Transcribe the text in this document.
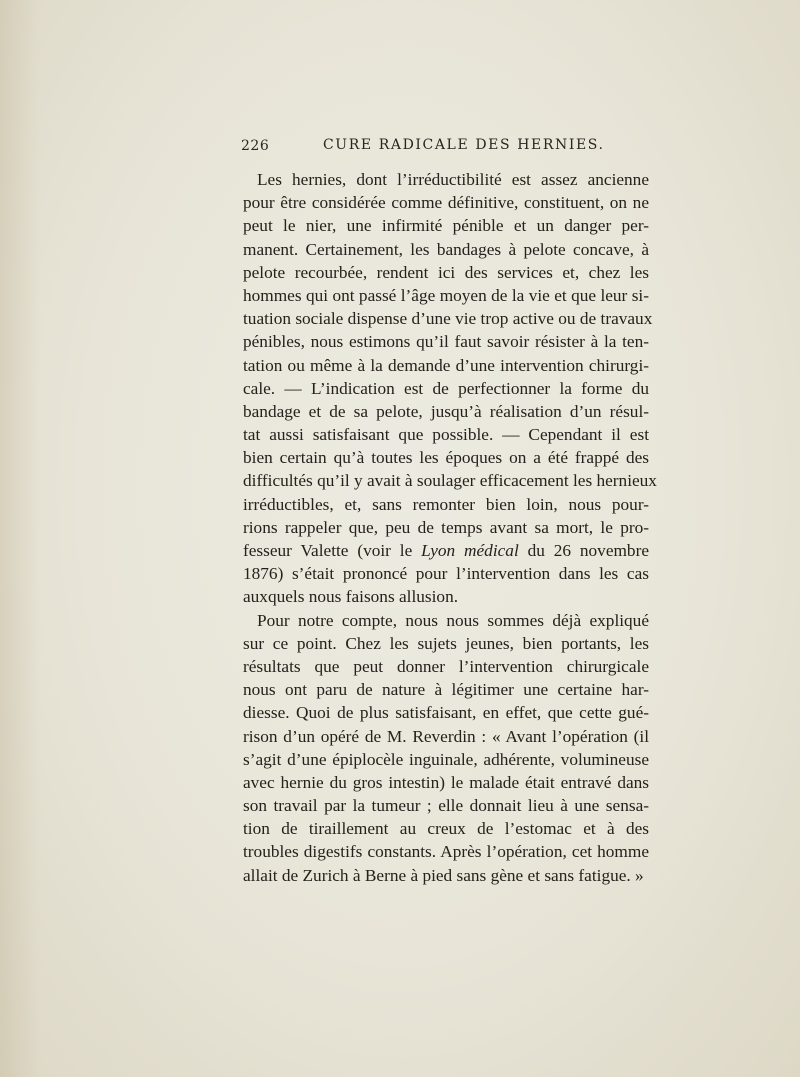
226	CURE RADICALE DES HERNIES.
Les hernies, dont l’irréductibilité est assez ancienne
pour être considérée comme définitive, constituent, on ne
peut le nier, une infirmité pénible et un danger per-
manent. Certainement, les bandages à pelote concave, à
pelote recourbée, rendent ici des services et, chez les
hommes qui ont passé l’âge moyen de la vie et que leur si-
tuation sociale dispense d’une vie trop active ou de travaux
pénibles, nous estimons qu’il faut savoir résister à la ten-
tation ou même à la demande d’une intervention chirurgi-
cale. — L’indication est de perfectionner la forme du
bandage et de sa pelote, jusqu’à réalisation d’un résul-
tat aussi satisfaisant que possible. — Cependant il est
bien certain qu’à toutes les époques on a été frappé des
difficultés qu’il y avait à soulager efficacement les hernieux
irréductibles, et, sans remonter bien loin, nous pour-
rions rappeler que, peu de temps avant sa mort, le pro-
fesseur Valette (voir le Lyon médical du 26 novembre
1876) s’était prononcé pour l’intervention dans les cas
auxquels nous faisons allusion.
Pour notre compte, nous nous sommes déjà expliqué
sur ce point. Chez les sujets jeunes, bien portants, les
résultats que peut donner l’intervention chirurgicale
nous ont paru de nature à légitimer une certaine har-
diesse. Quoi de plus satisfaisant, en effet, que cette gué-
rison d’un opéré de M. Reverdin : « Avant l’opération (il
s’agit d’une épiplocèle inguinale, adhérente, volumineuse
avec hernie du gros intestin) le malade était entravé dans
son travail par la tumeur ; elle donnait lieu à une sensa-
tion de tiraillement au creux de l’estomac et à des
troubles digestifs constants. Après l’opération, cet homme
allait de Zurich à Berne à pied sans gène et sans fatigue. »
